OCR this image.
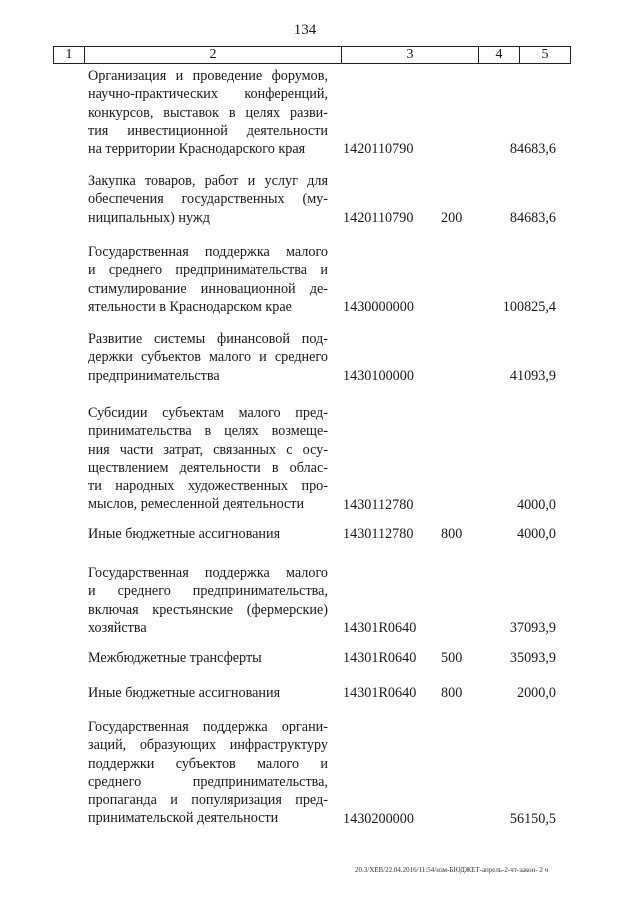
134
1	2	3	4	5
Организация и проведение форумов,
научно-практических конференций,
конкурсов, выставок в целях разви-
тия инвестиционной деятельности
на территории Краснодарского края	1420110790	84683,6
Закупка товаров, работ и услуг для
обеспечения государственных (му-
ниципальных) нужд	1420110790 200	84683,6
Государственная поддержка малого
и среднего предпринимательства и
стимулирование инновационной де-
ятельности в Краснодарском крае	1430000000	100825,4
Развитие системы финансовой под-
держки субъектов малого и среднего
предпринимательства	1430100000	41093,9
Субсидии субъектам малого пред-
принимательства в целях возмеще-
ния части затрат, связанных с осу-
ществлением деятельности в облас-
ти народных художественных про-
мыслов, ремесленной деятельности	1430112780	4000,0
Иные бюджетные ассигнования	1430112780 800	4000,0
Государственная поддержка малого
и среднего предпринимательства,
включая крестьянские (фермерские)
хозяйства	14301R0640	37093,9
Межбюджетные трансферты	14301R0640 500	35093,9
Иные бюджетные ассигнования	14301R0640 800	2000,0
Государственная поддержка органи-
заций, образующих инфраструктуру
поддержки субъектов малого и
среднего предпринимательства,
пропаганда и популяризация пред-
принимательской деятельности	1430200000	56150,5
20.3/XEB/22.04.2016/11:54/изм-БЮДЖЕТ-апрель-2-чт-закон- 2 ч
